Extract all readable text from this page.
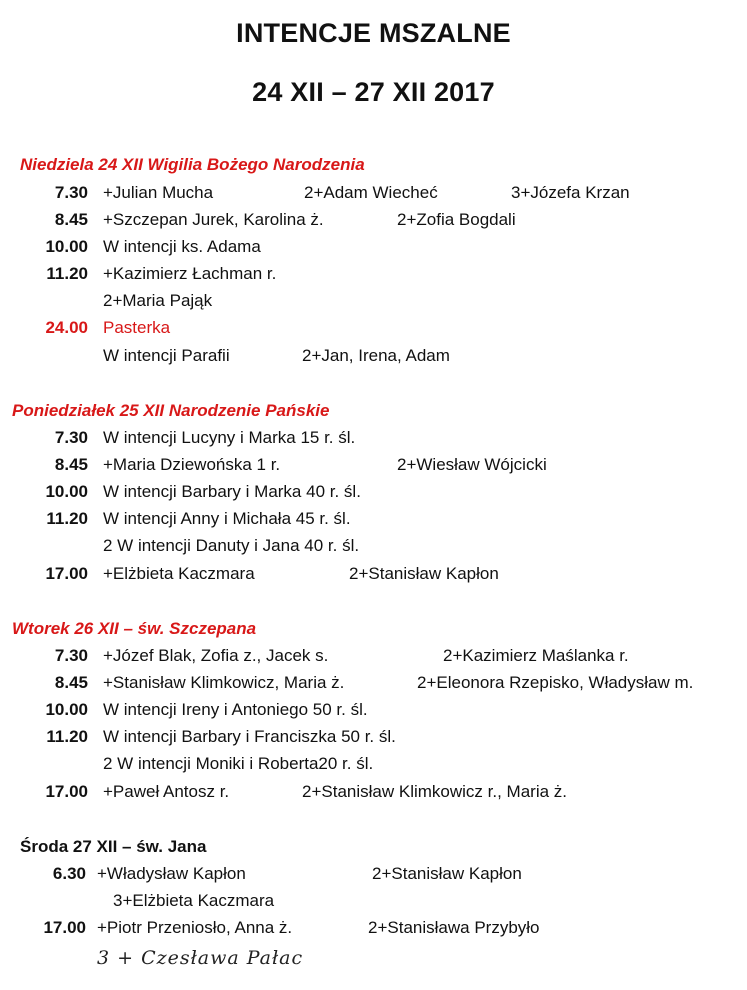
INTENCJE MSZALNE
24 XII – 27 XII 2017
Niedziela 24 XII Wigilia Bożego Narodzenia
7.30 +Julian Mucha	2+Adam Wiecheć	3+Józefa Krzan
8.45 +Szczepan Jurek, Karolina ż.	2+Zofia Bogdali
10.00 W intencji ks. Adama
11.20 +Kazimierz Łachman r.
2+Maria Pająk
24.00 Pasterka
W intencji Parafii	2+Jan, Irena, Adam
Poniedziałek 25 XII Narodzenie Pańskie
7.30 W intencji Lucyny i Marka 15 r. śl.
8.45 +Maria Dziewońska 1 r.	2+Wiesław Wójcicki
10.00 W intencji Barbary i Marka 40 r. śl.
11.20 W intencji Anny i Michała 45 r. śl.
2 W intencji Danuty i Jana 40 r. śl.
17.00 +Elżbieta Kaczmara	2+Stanisław Kapłon
Wtorek 26 XII – św. Szczepana
7.30 +Józef Blak, Zofia z., Jacek s.	2+Kazimierz Maślanka r.
8.45 +Stanisław Klimkowicz, Maria ż.	2+Eleonora Rzepisko, Władysław m.
10.00 W intencji Ireny i Antoniego 50 r. śl.
11.20 W intencji Barbary i Franciszka 50 r. śl.
2 W intencji Moniki i Roberta20 r. śl.
17.00 +Paweł Antosz r.	2+Stanisław Klimkowicz r., Maria ż.
Środa 27 XII – św. Jana
6.30 +Władysław Kapłon	2+Stanisław Kapłon
3+Elżbieta Kaczmara
17.00 +Piotr Przeniosło, Anna ż.	2+Stanisława Przybyło
3 + Czesława Pałac
